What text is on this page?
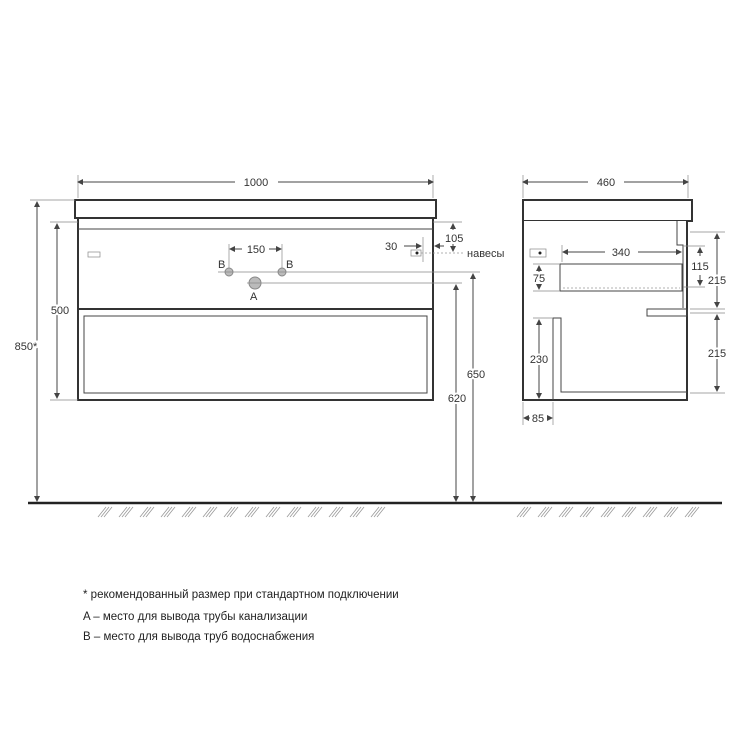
B	B
A
1000
850*
500
150	30
105
навесы
650
620
460
340
75
230
85
115
215
215
* рекомендованный размер при стандартном подключении
A – место для вывода трубы канализации
B – место для вывода труб водоснабжения
